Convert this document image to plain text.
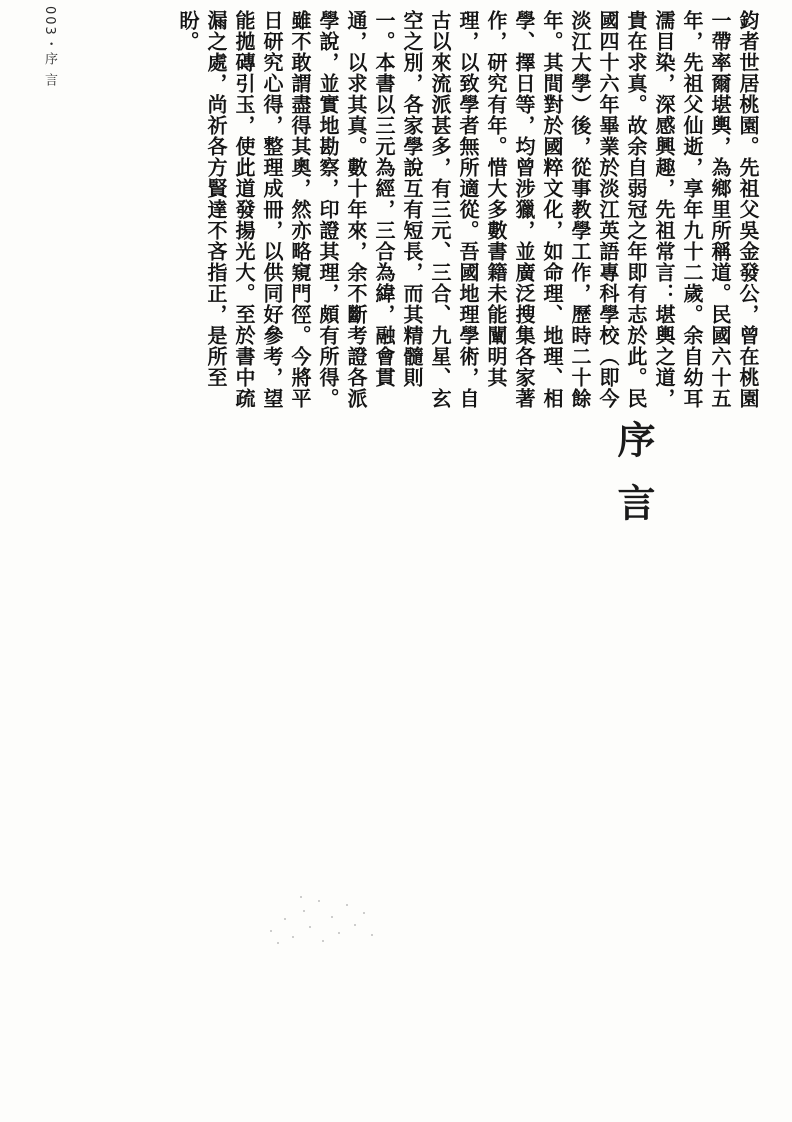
003・序 言	鈞者世居桃園。先祖父吳金發公，曾在桃園一帶率爾堪輿，為鄉里所稱道。民國六十五年，先祖父仙逝，享年九十二歲。余自幼耳濡目染，深感興趣，先祖常言：堪輿之道，貴在求真。故余自弱冠之年即有志於此。民國四十六年畢業於淡江英語專科學校（即今淡江大學）後，從事教學工作，歷時二十餘年。其間對於國粹文化，如命理、地理、相學、擇日等，均曾涉獵，並廣泛搜集各家著作，研究有年。惜大多數書籍未能闡明其理，以致學者無所適從。吾國地理學術，自古以來流派甚多，有三元、三合、九星、玄空之別，各家學說互有短長，而其精髓則一。本書以三元為經，三合為緯，融會貫通，以求其真。數十年來，余不斷考證各派學說，並實地勘察，印證其理，頗有所得。雖不敢謂盡得其奧，然亦略窺門徑。今將平日研究心得，整理成冊，以供同好參考，望能拋磚引玉，使此道發揚光大。至於書中疏漏之處，尚祈各方賢達不吝指正，是所至盼。

序 言
